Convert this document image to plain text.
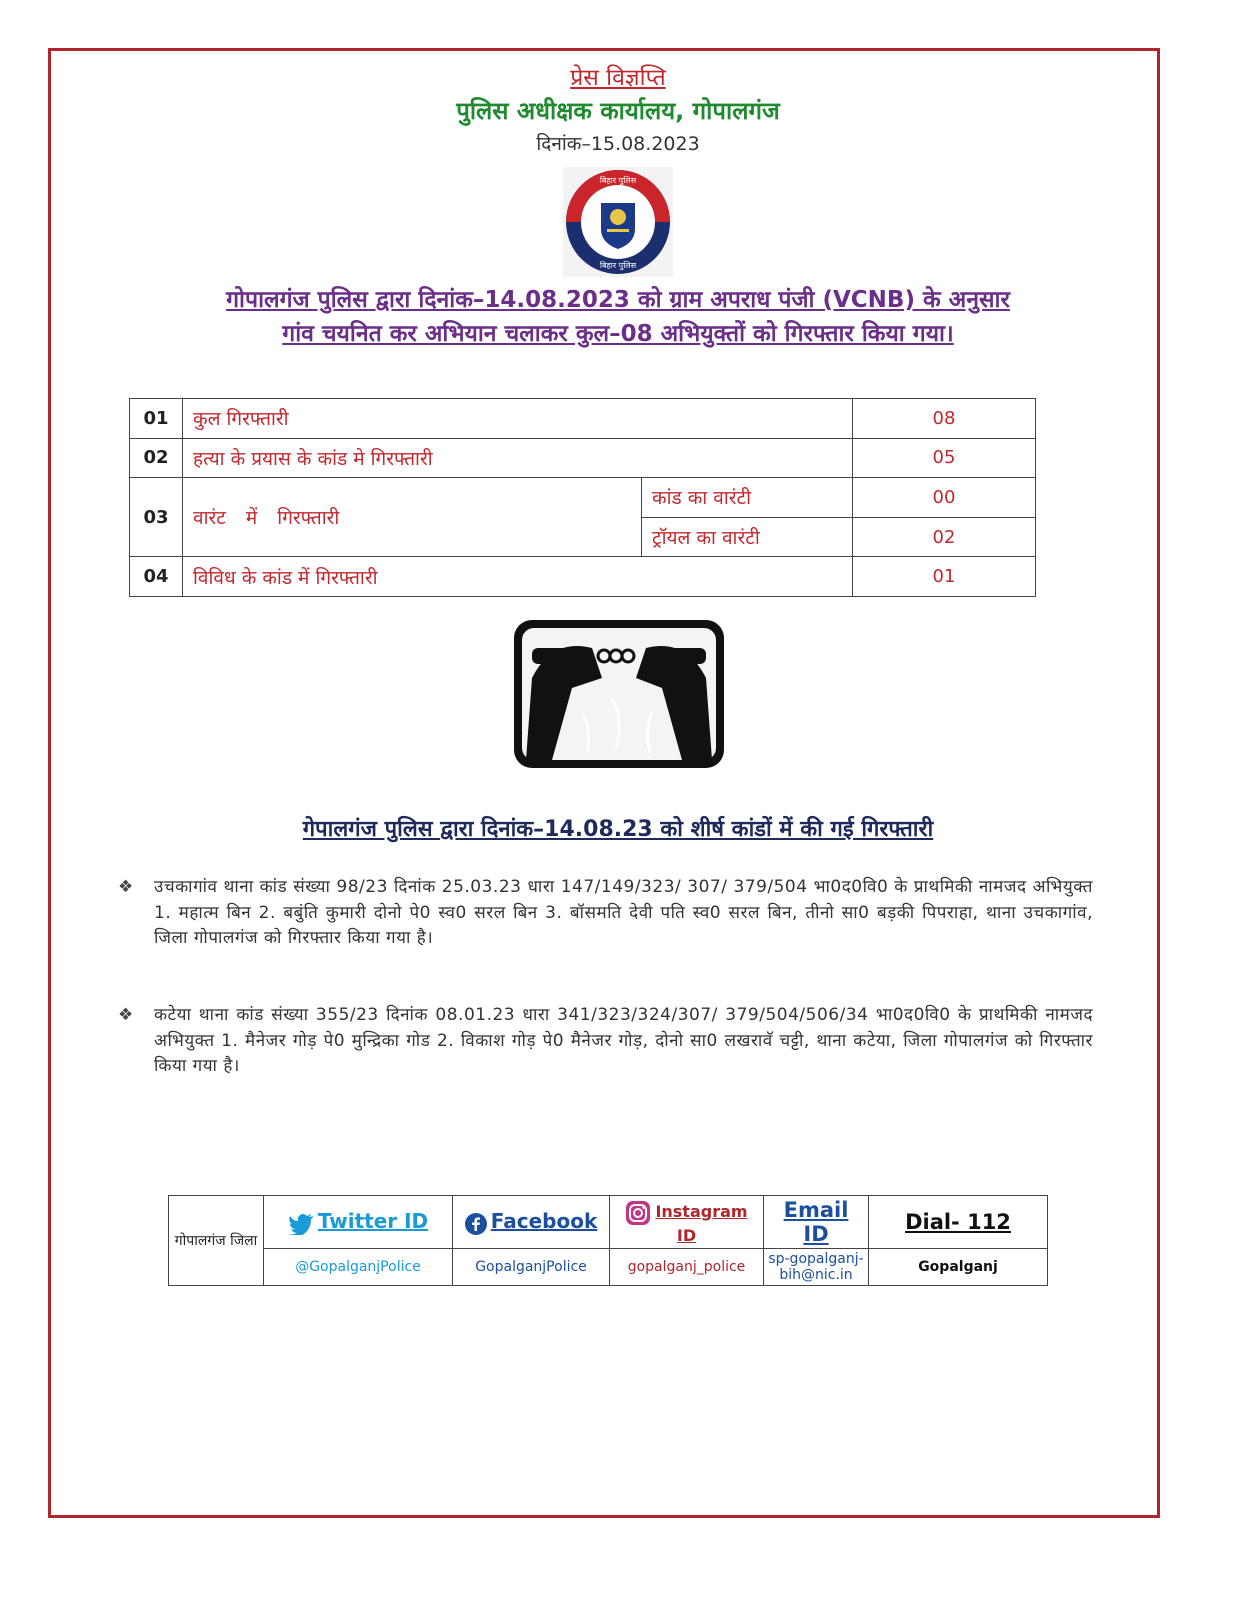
प्रेस विज्ञप्ति
पुलिस अधीक्षक कार्यालय, गोपालगंज
दिनांक–15.08.2023
बिहार पुलिस
बिहार पुलिस
गोपालगंज पुलिस द्वारा दिनांक–14.08.2023 को ग्राम अपराध पंजी (VCNB) के अनुसार
गांव चयनित कर अभियान चलाकर कुल–08 अभियुक्तों को गिरफ्तार किया गया।
01	कुल गिरफ्तारी		08
02	हत्या के प्रयास के कांड मे गिरफ्तारी		05
03	वारंट में गिरफ्तारी	कांड का वारंटी	00
		ट्रॉयल का वारंटी	02
04	विविध के कांड में गिरफ्तारी		01
गेपालगंज पुलिस द्वारा दिनांक–14.08.23 को शीर्ष कांडों में की गई गिरफ्तारी
❖	उचकागांव थाना कांड संख्या 98/23 दिनांक 25.03.23 धारा 147/149/323/ 307/ 379/504 भा0द0वि0 के प्राथमिकी नामजद अभियुक्त 1. महात्म बिन 2. बबुंति कुमारी दोनो पे0 स्व0 सरल बिन 3. बॉसमति देवी पति स्व0 सरल बिन, तीनो सा0 बड़की पिपराहा, थाना उचकागांव, जिला गोपालगंज को गिरफ्तार किया गया है।
❖	कटेया थाना कांड संख्या 355/23 दिनांक 08.01.23 धारा 341/323/324/307/ 379/504/506/34 भा0द0वि0 के प्राथमिकी नामजद अभियुक्त 1. मैनेजर गोड़ पे0 मुन्द्रिका गोड 2. विकाश गोड़ पे0 मैनेजर गोड़, दोनो सा0 लखरावॅ चट्टी, थाना कटेया, जिला गोपालगंज को गिरफ्तार किया गया है।
गोपालगंज जिला	Twitter ID	Facebook	Instagram ID	Email ID	Dial- 112
	@GopalganjPolice	GopalganjPolice	gopalganj_police	sp-gopalganj-bih@nic.in	Gopalganj
